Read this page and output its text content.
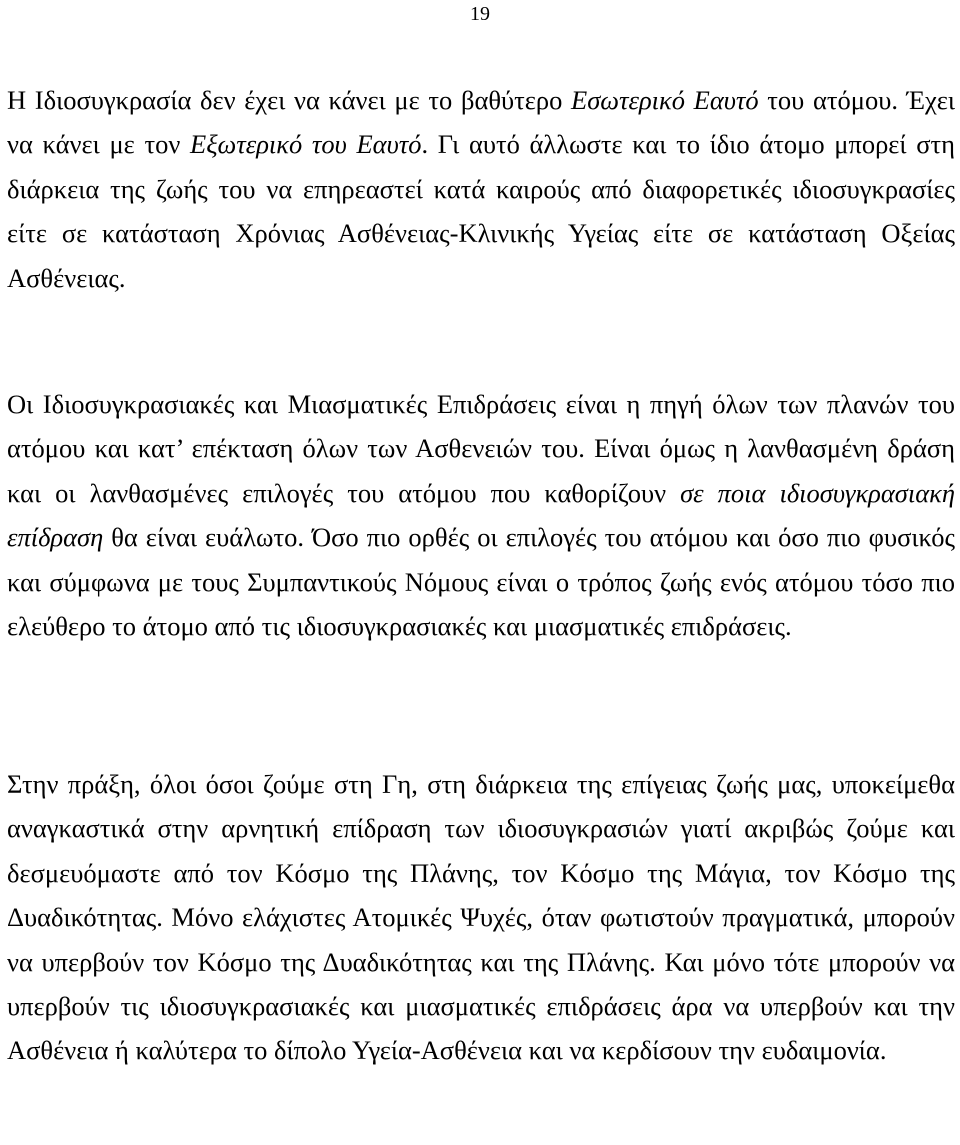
19

Η Ιδιοσυγκρασία δεν έχει να κάνει με το βαθύτερο Εσωτερικό Εαυτό του ατόμου. Έχει να κάνει με τον Εξωτερικό του Εαυτό. Γι αυτό άλλωστε και το ίδιο άτομο μπορεί στη διάρκεια της ζωής του να επηρεαστεί κατά καιρούς από διαφορετικές ιδιοσυγκρασίες είτε σε κατάσταση Χρόνιας Ασθένειας-Κλινικής Υγείας είτε σε κατάσταση Οξείας Ασθένειας.

Οι Ιδιοσυγκρασιακές και Μιασματικές Επιδράσεις είναι η πηγή όλων των πλανών του ατόμου και κατ’ επέκταση όλων των Ασθενειών του. Είναι όμως η λανθασμένη δράση και οι λανθασμένες επιλογές του ατόμου που καθορίζουν σε ποια ιδιοσυγκρασιακή επίδραση θα είναι ευάλωτο. Όσο πιο ορθές οι επιλογές του ατόμου και όσο πιο φυσικός και σύμφωνα με τους Συμπαντικούς Νόμους είναι ο τρόπος ζωής ενός ατόμου τόσο πιο ελεύθερο το άτομο από τις ιδιοσυγκρασιακές και μιασματικές επιδράσεις.

Στην πράξη, όλοι όσοι ζούμε στη Γη, στη διάρκεια της επίγειας ζωής μας, υποκείμεθα αναγκαστικά στην αρνητική επίδραση των ιδιοσυγκρασιών γιατί ακριβώς ζούμε και δεσμευόμαστε από τον Κόσμο της Πλάνης, τον Κόσμο της Μάγια, τον Κόσμο της Δυαδικότητας. Μόνο ελάχιστες Ατομικές Ψυχές, όταν φωτιστούν πραγματικά, μπορούν να υπερβούν τον Κόσμο της Δυαδικότητας και της Πλάνης. Και μόνο τότε μπορούν να υπερβούν τις ιδιοσυγκρασιακές και μιασματικές επιδράσεις άρα να υπερβούν και την Ασθένεια ή καλύτερα το δίπολο Υγεία-Ασθένεια και να κερδίσουν την ευδαιμονία.
